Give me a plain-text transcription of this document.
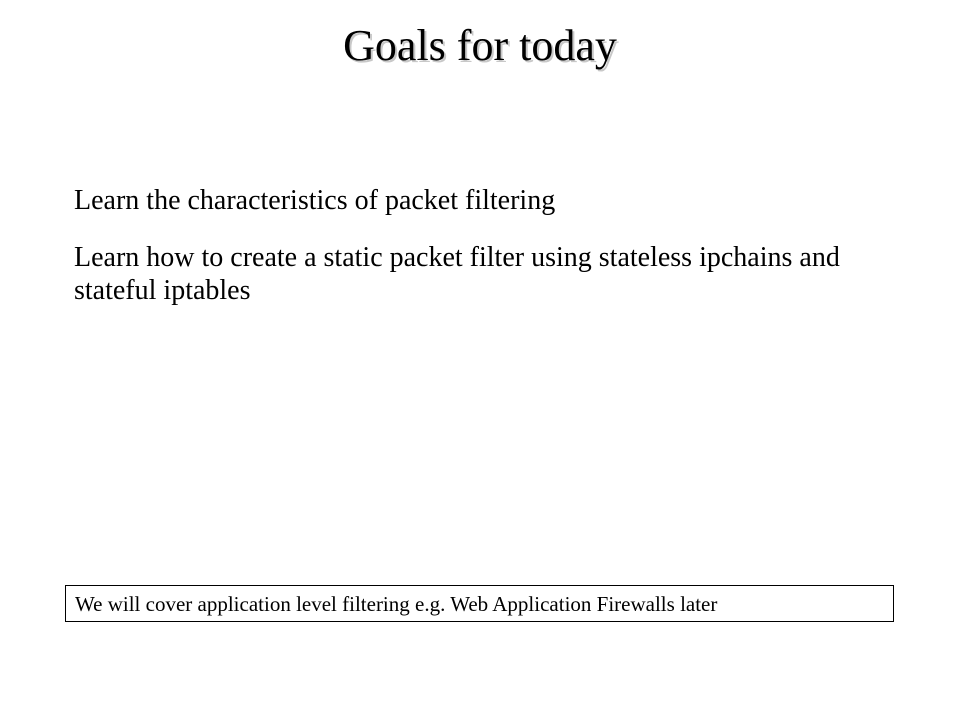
Goals for today
Learn the characteristics of packet filtering
Learn how to create a static packet filter using stateless ipchains and stateful iptables
We will cover application level filtering e.g. Web Application Firewalls later
